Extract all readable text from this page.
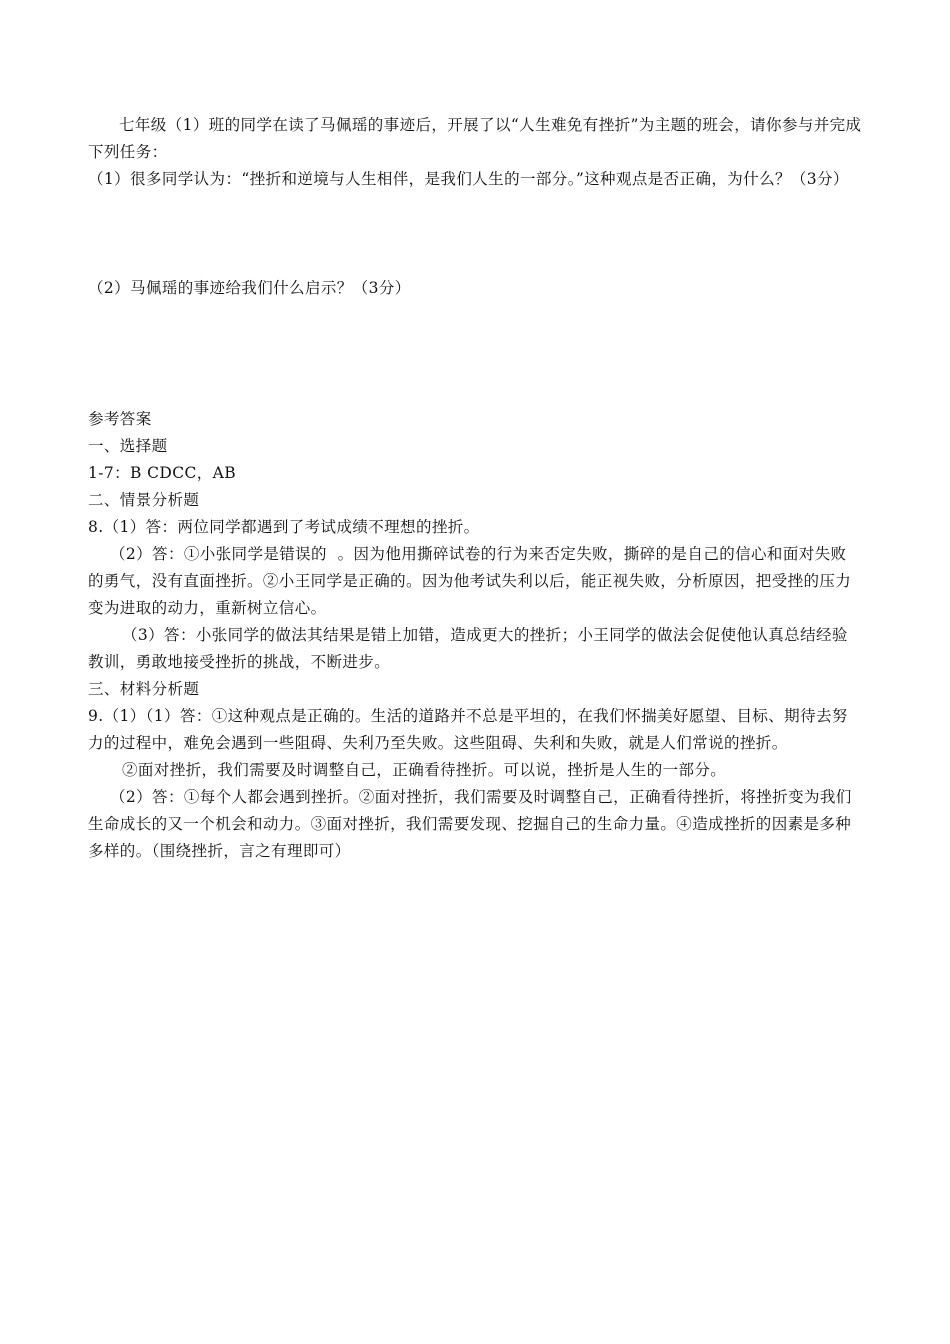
七年级（1）班的同学在读了马佩瑶的事迹后，开展了以“人生难免有挫折”为主题的班会，请你参与并完成下列任务：

（1）很多同学认为：“挫折和逆境与人生相伴，是我们人生的一部分。”这种观点是否正确，为什么？（3分）

（2）马佩瑶的事迹给我们什么启示？（3分）

参考答案

一、选择题

1-7：B CDCC，AB

二、情景分析题

8.（1）答：两位同学都遇到了考试成绩不理想的挫折。

（2）答：①小张同学是错误的  。因为他用撕碎试卷的行为来否定失败，撕碎的是自己的信心和面对失败的勇气，没有直面挫折。②小王同学是正确的。因为他考试失利以后，能正视失败，分析原因，把受挫的压力变为进取的动力，重新树立信心。

（3）答：小张同学的做法其结果是错上加错，造成更大的挫折；小王同学的做法会促使他认真总结经验教训，勇敢地接受挫折的挑战，不断进步。

三、材料分析题

9.（1）（1）答：①这种观点是正确的。生活的道路并不总是平坦的，在我们怀揣美好愿望、目标、期待去努力的过程中，难免会遇到一些阻碍、失利乃至失败。这些阻碍、失利和失败，就是人们常说的挫折。

②面对挫折，我们需要及时调整自己，正确看待挫折。可以说，挫折是人生的一部分。

（2）答：①每个人都会遇到挫折。②面对挫折，我们需要及时调整自己，正确看待挫折，将挫折变为我们生命成长的又一个机会和动力。③面对挫折，我们需要发现、挖掘自己的生命力量。④造成挫折的因素是多种多样的。（围绕挫折，言之有理即可）
